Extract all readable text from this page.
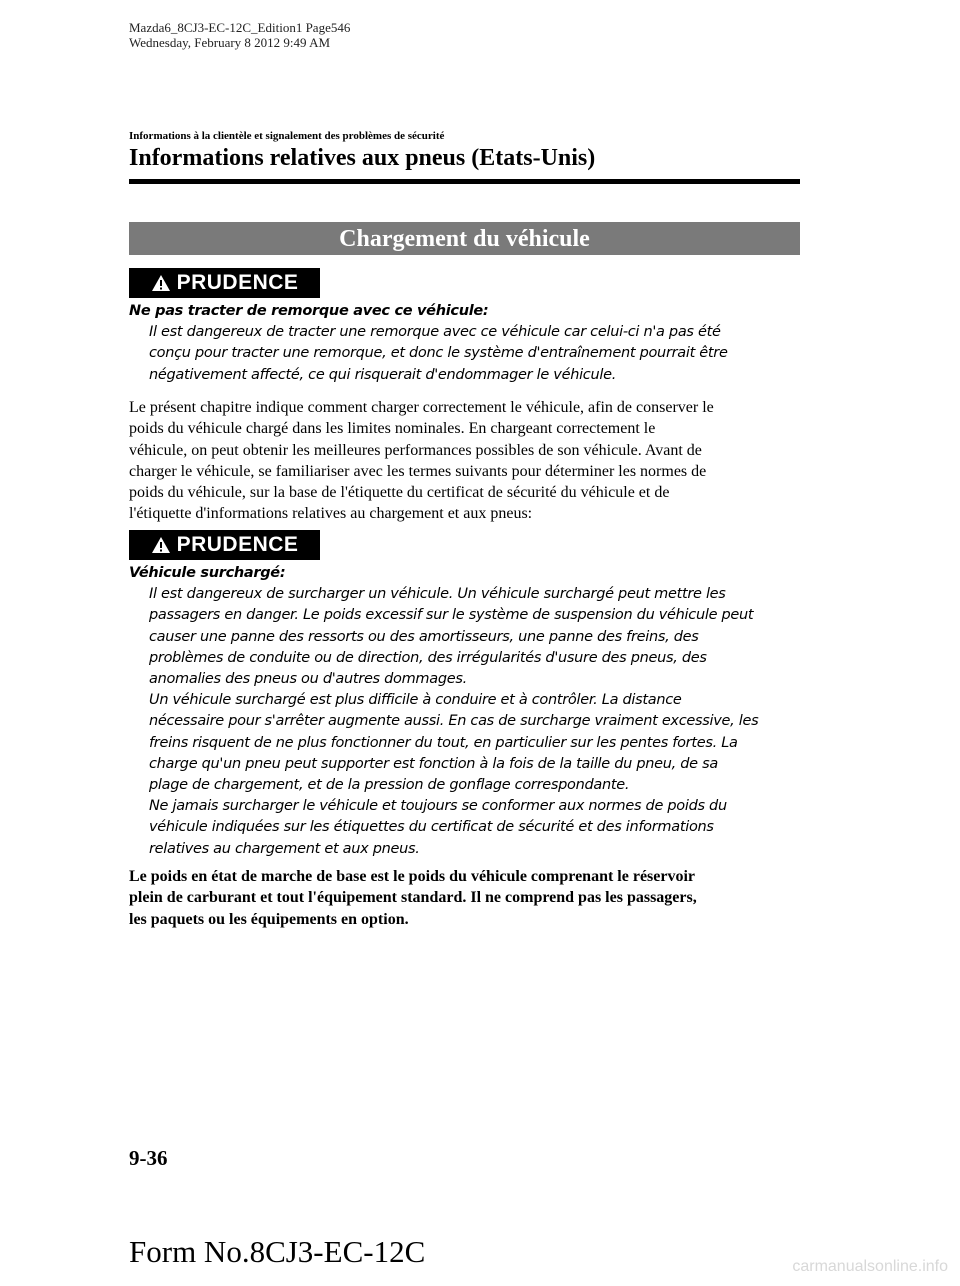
Mazda6_8CJ3-EC-12C_Edition1 Page546
Wednesday, February 8 2012 9:49 AM
Informations à la clientèle et signalement des problèmes de sécurité
Informations relatives aux pneus (Etats-Unis)
Chargement du véhicule
PRUDENCE
Ne pas tracter de remorque avec ce véhicule:
Il est dangereux de tracter une remorque avec ce véhicule car celui-ci n'a pas été
conçu pour tracter une remorque, et donc le système d'entraînement pourrait être
négativement affecté, ce qui risquerait d'endommager le véhicule.
Le présent chapitre indique comment charger correctement le véhicule, afin de conserver le
poids du véhicule chargé dans les limites nominales. En chargeant correctement le
véhicule, on peut obtenir les meilleures performances possibles de son véhicule. Avant de
charger le véhicule, se familiariser avec les termes suivants pour déterminer les normes de
poids du véhicule, sur la base de l'étiquette du certificat de sécurité du véhicule et de
l'étiquette d'informations relatives au chargement et aux pneus:
PRUDENCE
Véhicule surchargé:
Il est dangereux de surcharger un véhicule. Un véhicule surchargé peut mettre les
passagers en danger. Le poids excessif sur le système de suspension du véhicule peut
causer une panne des ressorts ou des amortisseurs, une panne des freins, des
problèmes de conduite ou de direction, des irrégularités d'usure des pneus, des
anomalies des pneus ou d'autres dommages.
Un véhicule surchargé est plus difficile à conduire et à contrôler. La distance
nécessaire pour s'arrêter augmente aussi. En cas de surcharge vraiment excessive, les
freins risquent de ne plus fonctionner du tout, en particulier sur les pentes fortes. La
charge qu'un pneu peut supporter est fonction à la fois de la taille du pneu, de sa
plage de chargement, et de la pression de gonflage correspondante.
Ne jamais surcharger le véhicule et toujours se conformer aux normes de poids du
véhicule indiquées sur les étiquettes du certificat de sécurité et des informations
relatives au chargement et aux pneus.
Le poids en état de marche de base est le poids du véhicule comprenant le réservoir
plein de carburant et tout l'équipement standard. Il ne comprend pas les passagers,
les paquets ou les équipements en option.
9-36
Form No.8CJ3-EC-12C	carmanualsonline.info
